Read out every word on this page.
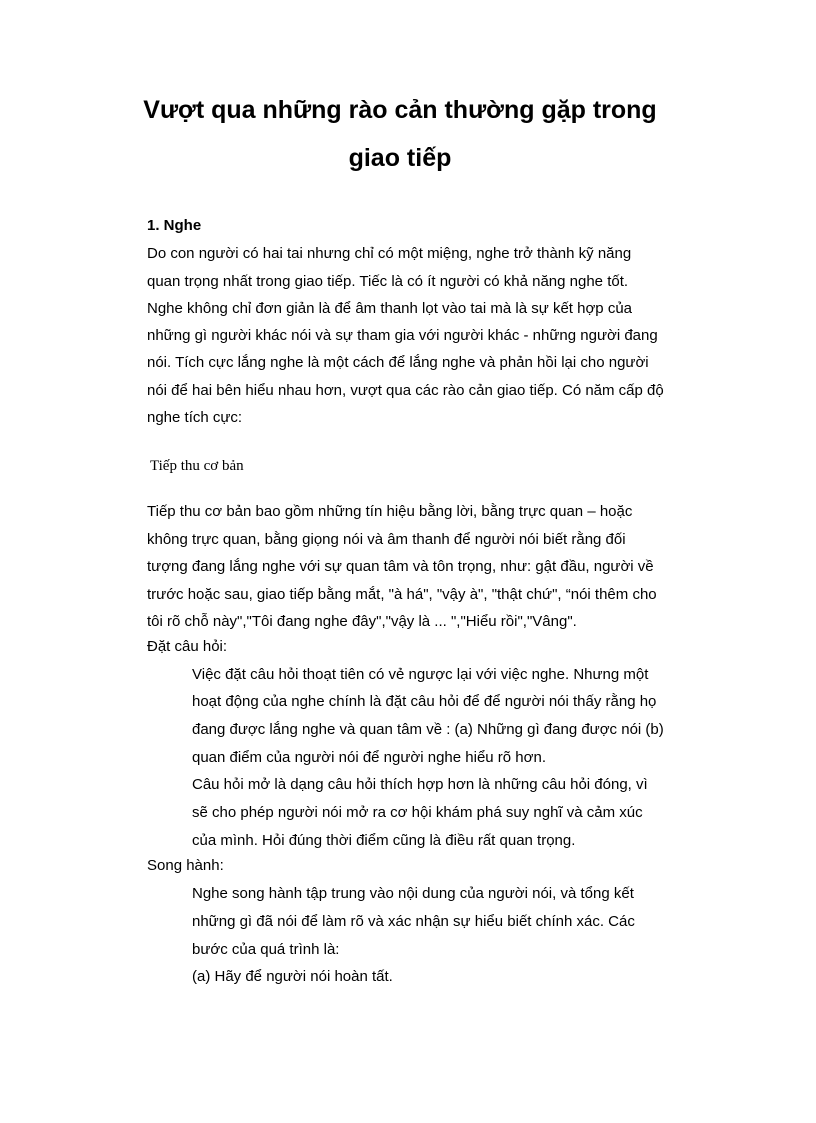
Vượt qua những rào cản thường gặp trong
giao tiếp
1. Nghe
Do con người có hai tai nhưng chỉ có một miệng, nghe trở thành kỹ năng
quan trọng nhất trong giao tiếp. Tiếc là có ít người có khả năng nghe tốt.
Nghe không chỉ đơn giản là để âm thanh lọt vào tai mà là sự kết hợp của
những gì người khác nói và sự tham gia với người khác - những người đang
nói. Tích cực lắng nghe là một cách để lắng nghe và phản hồi lại cho người
nói để hai bên hiểu nhau hơn, vượt qua các rào cản giao tiếp. Có năm cấp độ
nghe tích cực:
Tiếp thu cơ bản
Tiếp thu cơ bản bao gồm những tín hiệu bằng lời, bằng trực quan – hoặc
không trực quan, bằng giọng nói và âm thanh để người nói biết rằng đối
tượng đang lắng nghe với sự quan tâm và tôn trọng, như: gật đầu, người về
trước hoặc sau, giao tiếp bằng mắt, "à há", "vậy à", "thật chứ", “nói thêm cho
tôi rõ chỗ này","Tôi đang nghe đây","vậy là ... ","Hiểu rồi","Vâng".
Đặt câu hỏi:
Việc đặt câu hỏi thoạt tiên có vẻ ngược lại với việc nghe. Nhưng một
hoạt động của nghe chính là đặt câu hỏi để để người nói thấy rằng họ
đang được lắng nghe và quan tâm về : (a) Những gì đang được nói (b)
quan điểm của người nói để người nghe hiểu rõ hơn.
Câu hỏi mở là dạng câu hỏi thích hợp hơn là những câu hỏi đóng, vì
sẽ cho phép người nói mở ra cơ hội khám phá suy nghĩ và cảm xúc
của mình. Hỏi đúng thời điểm cũng là điều rất quan trọng.
Song hành:
Nghe song hành tập trung vào nội dung của người nói, và tổng kết
những gì đã nói để làm rõ và xác nhận sự hiểu biết chính xác. Các
bước của quá trình là:
(a) Hãy để người nói hoàn tất.
